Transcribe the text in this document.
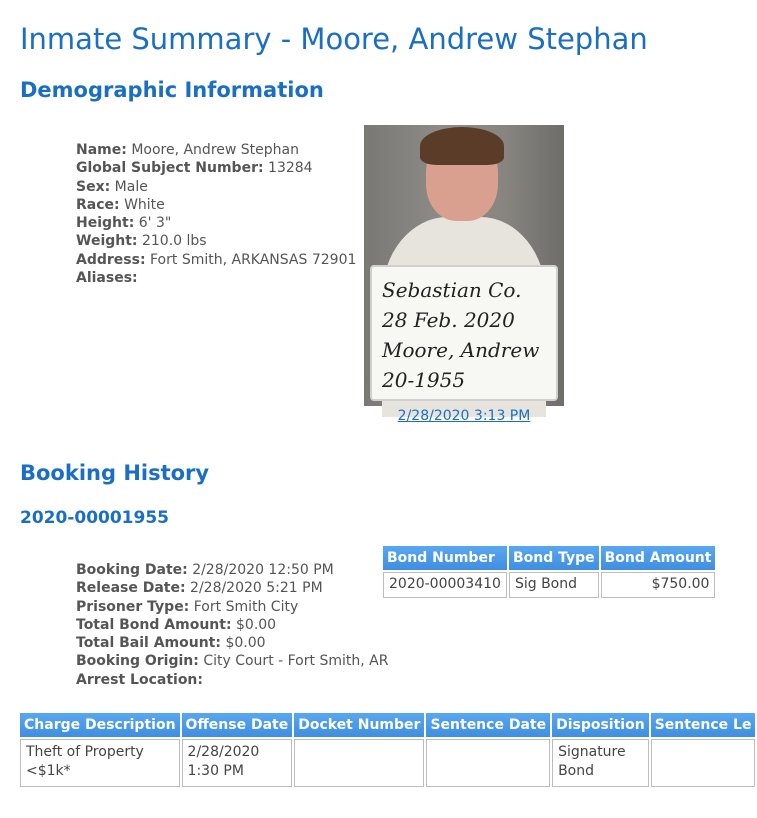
Inmate Summary - Moore, Andrew Stephan
Demographic Information
Name: Moore, Andrew Stephan
Global Subject Number: 13284
Sex: Male
Race: White
Height: 6' 3"
Weight: 210.0 lbs
Address: Fort Smith, ARKANSAS 72901
Aliases:	Sebastian Co.
28 Feb. 2020
Moore, Andrew
20-1955
2/28/2020 3:13 PM
Booking History
2020-00001955
Booking Date: 2/28/2020 12:50 PM
Release Date: 2/28/2020 5:21 PM
Prisoner Type: Fort Smith City
Total Bond Amount: $0.00
Total Bail Amount: $0.00
Booking Origin: City Court - Fort Smith, AR
Arrest Location:
Bond Number	Bond Type	Bond Amount
2020-00003410	Sig Bond	$750.00
Charge Description	Offense Date	Docket Number	Sentence Date	Disposition	Sentence Le
Theft of Property <$1k*	2/28/2020 1:30 PM			Signature Bond	
